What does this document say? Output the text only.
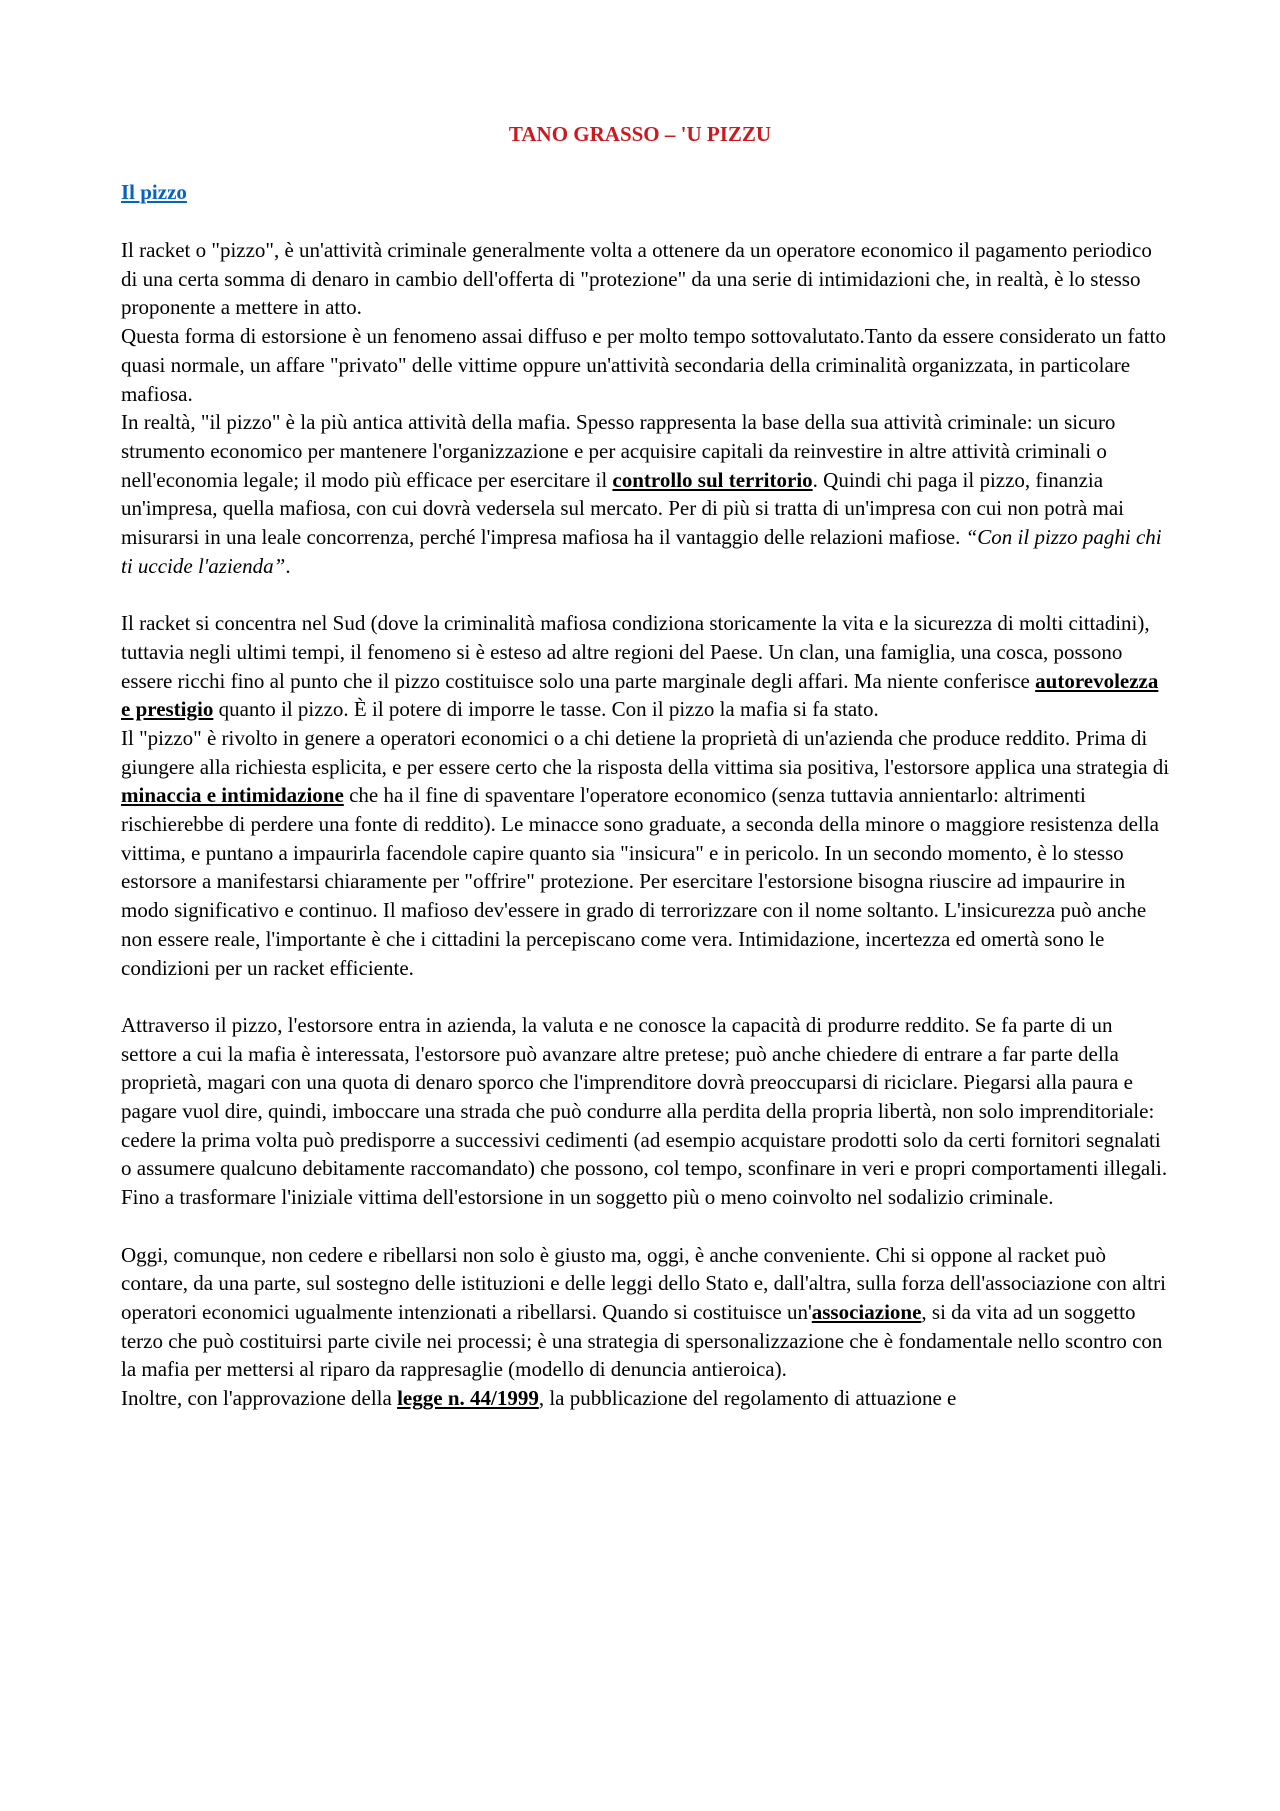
TANO GRASSO – 'U PIZZU
Il pizzo

Il racket o "pizzo", è un'attività criminale generalmente volta a ottenere da un operatore economico il pagamento periodico di una certa somma di denaro in cambio dell'offerta di "protezione" da una serie di intimidazioni che, in realtà, è lo stesso proponente a mettere in atto.

Questa forma di estorsione è un fenomeno assai diffuso e per molto tempo sottovalutato.Tanto da essere considerato un fatto quasi normale, un affare "privato" delle vittime oppure un'attività secondaria della criminalità organizzata, in particolare mafiosa.

In realtà, "il pizzo" è la più antica attività della mafia. Spesso rappresenta la base della sua attività criminale: un sicuro strumento economico per mantenere l'organizzazione e per acquisire capitali da reinvestire in altre attività criminali o nell'economia legale; il modo più efficace per esercitare il controllo sul territorio. Quindi chi paga il pizzo, finanzia un'impresa, quella mafiosa, con cui dovrà vedersela sul mercato. Per di più si tratta di un'impresa con cui non potrà mai misurarsi in una leale concorrenza, perché l'impresa mafiosa ha il vantaggio delle relazioni mafiose. “Con il pizzo paghi chi ti uccide l'azienda”.

Il racket si concentra nel Sud (dove la criminalità mafiosa condiziona storicamente la vita e la sicurezza di molti cittadini), tuttavia negli ultimi tempi, il fenomeno si è esteso ad altre regioni del Paese. Un clan, una famiglia, una cosca, possono essere ricchi fino al punto che il pizzo costituisce solo una parte marginale degli affari. Ma niente conferisce autorevolezza e prestigio quanto il pizzo. È il potere di imporre le tasse. Con il pizzo la mafia si fa stato.

Il "pizzo" è rivolto in genere a operatori economici o a chi detiene la proprietà di un'azienda che produce reddito. Prima di giungere alla richiesta esplicita, e per essere certo che la risposta della vittima sia positiva, l'estorsore applica una strategia di minaccia e intimidazione che ha il fine di spaventare l'operatore economico (senza tuttavia annientarlo: altrimenti rischierebbe di perdere una fonte di reddito). Le minacce sono graduate, a seconda della minore o maggiore resistenza della vittima, e puntano a impaurirla facendole capire quanto sia "insicura" e in pericolo. In un secondo momento, è lo stesso estorsore a manifestarsi chiaramente per "offrire" protezione. Per esercitare l'estorsione bisogna riuscire ad impaurire in modo significativo e continuo. Il mafioso dev'essere in grado di terrorizzare con il nome soltanto. L'insicurezza può anche non essere reale, l'importante è che i cittadini la percepiscano come vera. Intimidazione, incertezza ed omertà sono le condizioni per un racket efficiente.

Attraverso il pizzo, l'estorsore entra in azienda, la valuta e ne conosce la capacità di produrre reddito. Se fa parte di un settore a cui la mafia è interessata, l'estorsore può avanzare altre pretese; può anche chiedere di entrare a far parte della proprietà, magari con una quota di denaro sporco che l'imprenditore dovrà preoccuparsi di riciclare. Piegarsi alla paura e pagare vuol dire, quindi, imboccare una strada che può condurre alla perdita della propria libertà, non solo imprenditoriale: cedere la prima volta può predisporre a successivi cedimenti (ad esempio acquistare prodotti solo da certi fornitori segnalati o assumere qualcuno debitamente raccomandato) che possono, col tempo, sconfinare in veri e propri comportamenti illegali. Fino a trasformare l'iniziale vittima dell'estorsione in un soggetto più o meno coinvolto nel sodalizio criminale.

Oggi, comunque, non cedere e ribellarsi non solo è giusto ma, oggi, è anche conveniente. Chi si oppone al racket può contare, da una parte, sul sostegno delle istituzioni e delle leggi dello Stato e, dall'altra, sulla forza dell'associazione con altri operatori economici ugualmente intenzionati a ribellarsi. Quando si costituisce un'associazione, si da vita ad un soggetto terzo che può costituirsi parte civile nei processi; è una strategia di spersonalizzazione che è fondamentale nello scontro con la mafia per mettersi al riparo da rappresaglie (modello di denuncia antieroica).

Inoltre, con l'approvazione della legge n. 44/1999, la pubblicazione del regolamento di attuazione e
